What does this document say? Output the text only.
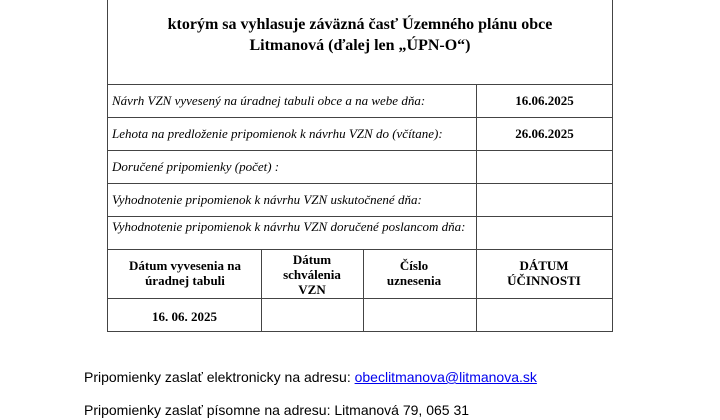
ktorým sa vyhlasuje záväzná časť Územného plánu obce
Litmanová (ďalej len „ÚPN-O“)
Návrh VZN vyvesený na úradnej tabuli obce a na webe dňa:	16.06.2025
Lehota na predloženie pripomienok k návrhu VZN do (včítane):	26.06.2025
Doručené pripomienky (počet) :
Vyhodnotenie pripomienok k návrhu VZN uskutočnené dňa:
Vyhodnotenie pripomienok k návrhu VZN doručené poslancom dňa:
Dátum vyvesenia na úradnej tabuli
Dátum schválenia VZN
Číslo uznesenia
DÁTUM ÚČINNOSTI
16. 06. 2025
Pripomienky zaslať elektronicky na adresu: obeclitmanova@litmanova.sk
Pripomienky zaslať písomne na adresu: Litmanová 79, 065 31
